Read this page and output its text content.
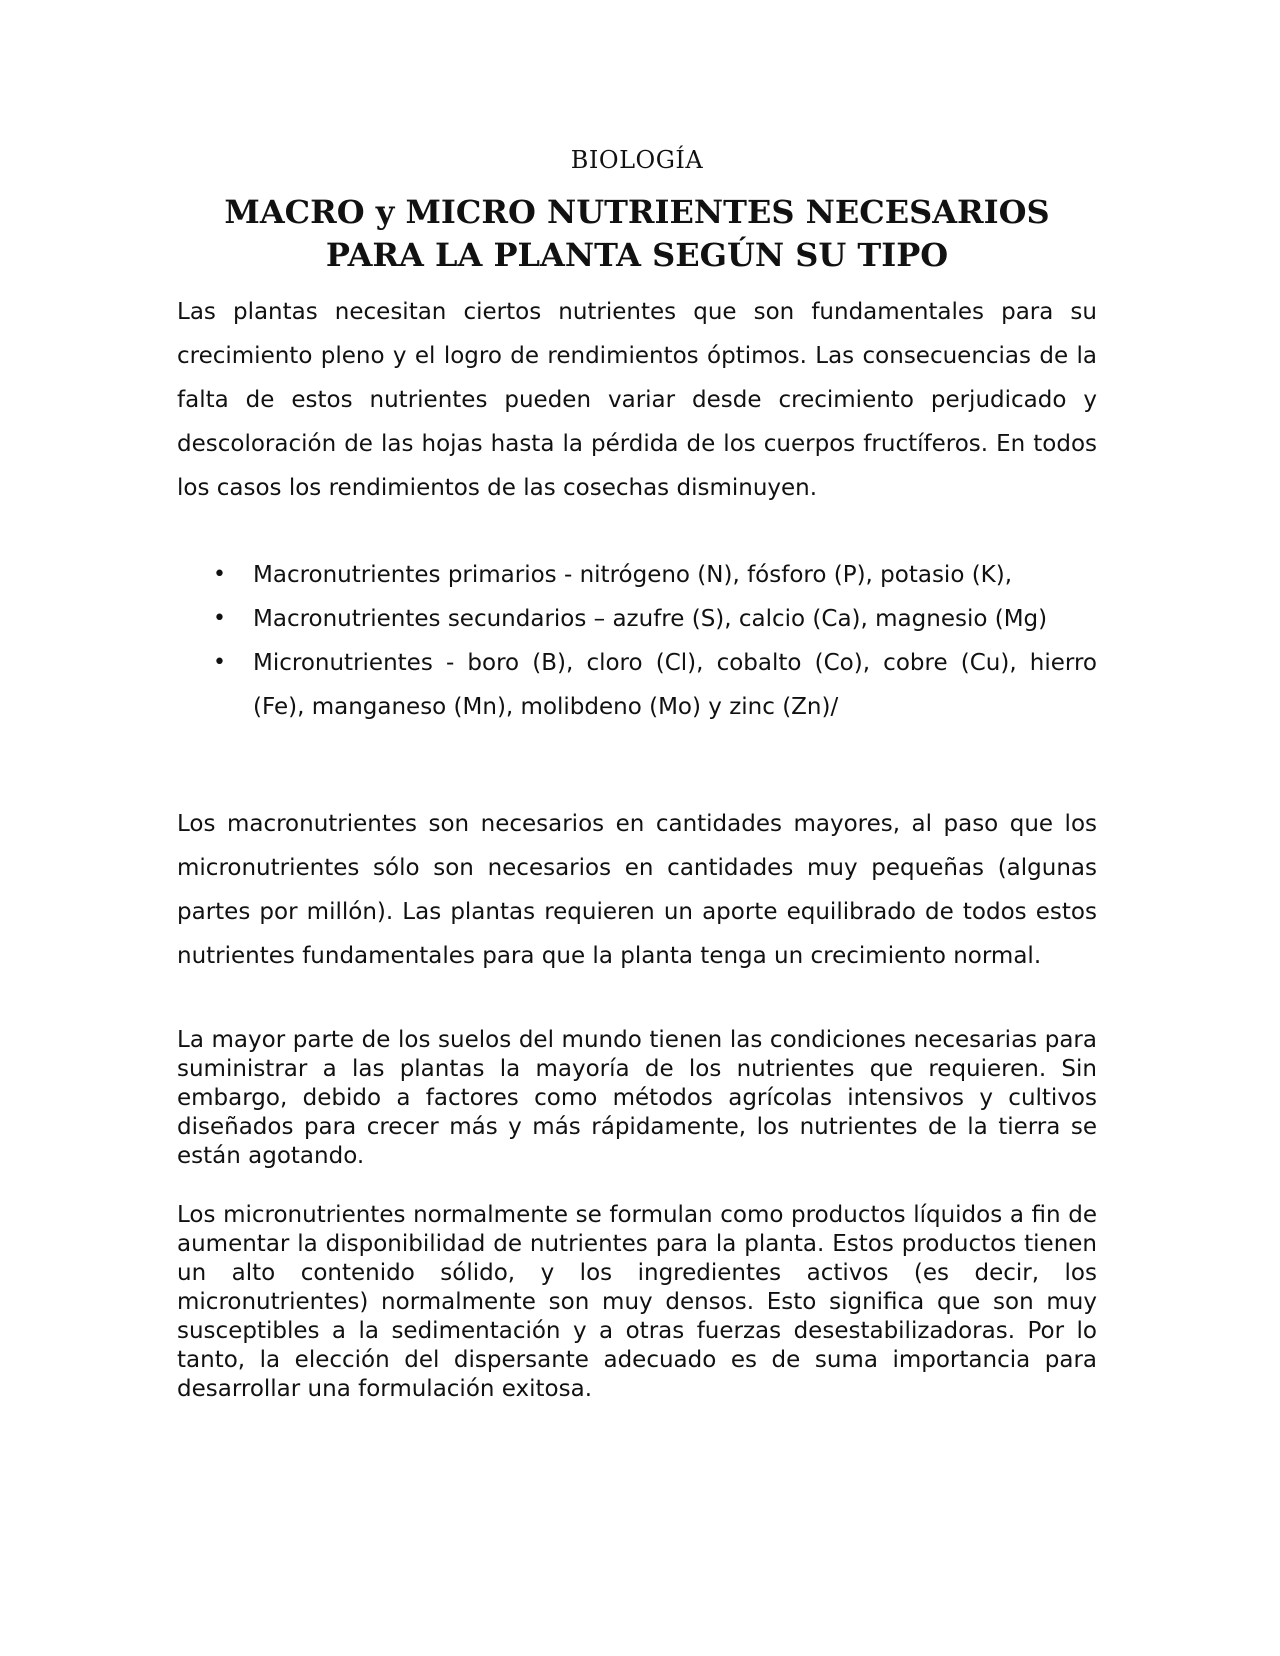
BIOLOGÍA
MACRO y MICRO NUTRIENTES NECESARIOS
PARA LA PLANTA SEGÚN SU TIPO

Las plantas necesitan ciertos nutrientes que son fundamentales para su crecimiento pleno y el logro de rendimientos óptimos. Las consecuencias de la falta de estos nutrientes pueden variar desde crecimiento perjudicado y descoloración de las hojas hasta la pérdida de los cuerpos fructíferos. En todos los casos los rendimientos de las cosechas disminuyen.

• Macronutrientes primarios - nitrógeno (N), fósforo (P), potasio (K),
• Macronutrientes secundarios – azufre (S), calcio (Ca), magnesio (Mg)
• Micronutrientes - boro (B), cloro (Cl), cobalto (Co), cobre (Cu), hierro (Fe), manganeso (Mn), molibdeno (Mo) y zinc (Zn)/

Los macronutrientes son necesarios en cantidades mayores, al paso que los micronutrientes sólo son necesarios en cantidades muy pequeñas (algunas partes por millón). Las plantas requieren un aporte equilibrado de todos estos nutrientes fundamentales para que la planta tenga un crecimiento normal.

La mayor parte de los suelos del mundo tienen las condiciones necesarias para suministrar a las plantas la mayoría de los nutrientes que requieren. Sin embargo, debido a factores como métodos agrícolas intensivos y cultivos diseñados para crecer más y más rápidamente, los nutrientes de la tierra se están agotando.

Los micronutrientes normalmente se formulan como productos líquidos a fin de aumentar la disponibilidad de nutrientes para la planta. Estos productos tienen un alto contenido sólido, y los ingredientes activos (es decir, los micronutrientes) normalmente son muy densos. Esto significa que son muy susceptibles a la sedimentación y a otras fuerzas desestabilizadoras. Por lo tanto, la elección del dispersante adecuado es de suma importancia para desarrollar una formulación exitosa.
